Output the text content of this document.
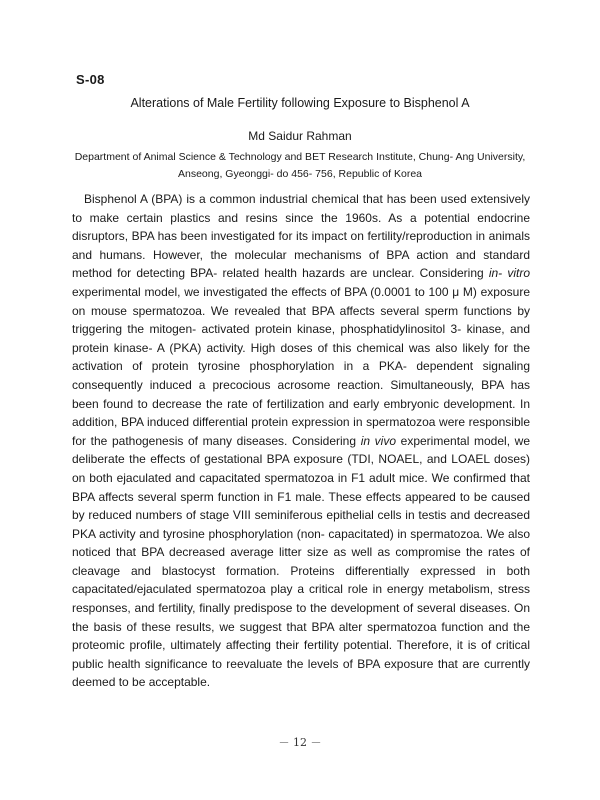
S-08
Alterations of Male Fertility following Exposure to Bisphenol A
Md Saidur Rahman
Department of Animal Science & Technology and BET Research Institute, Chung- Ang University,
Anseong, Gyeonggi- do 456- 756, Republic of Korea

Bisphenol A (BPA) is a common industrial chemical that has been used extensively to make certain plastics and resins since the 1960s. As a potential endocrine disruptors, BPA has been investigated for its impact on fertility/reproduction in animals and humans. However, the molecular mechanisms of BPA action and standard method for detecting BPA- related health hazards are unclear. Considering in- vitro experimental model, we investigated the effects of BPA (0.0001 to 100 μ M) exposure on mouse spermatozoa. We revealed that BPA affects several sperm functions by triggering the mitogen- activated protein kinase, phosphatidylinositol 3- kinase, and protein kinase- A (PKA) activity. High doses of this chemical was also likely for the activation of protein tyrosine phosphorylation in a PKA- dependent signaling consequently induced a precocious acrosome reaction. Simultaneously, BPA has been found to decrease the rate of fertilization and early embryonic development. In addition, BPA induced differential protein expression in spermatozoa were responsible for the pathogenesis of many diseases. Considering in vivo experimental model, we deliberate the effects of gestational BPA exposure (TDI, NOAEL, and LOAEL doses) on both ejaculated and capacitated spermatozoa in F1 adult mice. We confirmed that BPA affects several sperm function in F1 male. These effects appeared to be caused by reduced numbers of stage VIII seminiferous epithelial cells in testis and decreased PKA activity and tyrosine phosphorylation (non- capacitated) in spermatozoa. We also noticed that BPA decreased average litter size as well as compromise the rates of cleavage and blastocyst formation. Proteins differentially expressed in both capacitated/ejaculated spermatozoa play a critical role in energy metabolism, stress responses, and fertility, finally predispose to the development of several diseases. On the basis of these results, we suggest that BPA alter spermatozoa function and the proteomic profile, ultimately affecting their fertility potential. Therefore, it is of critical public health significance to reevaluate the levels of BPA exposure that are currently deemed to be acceptable.

－ 12 －
